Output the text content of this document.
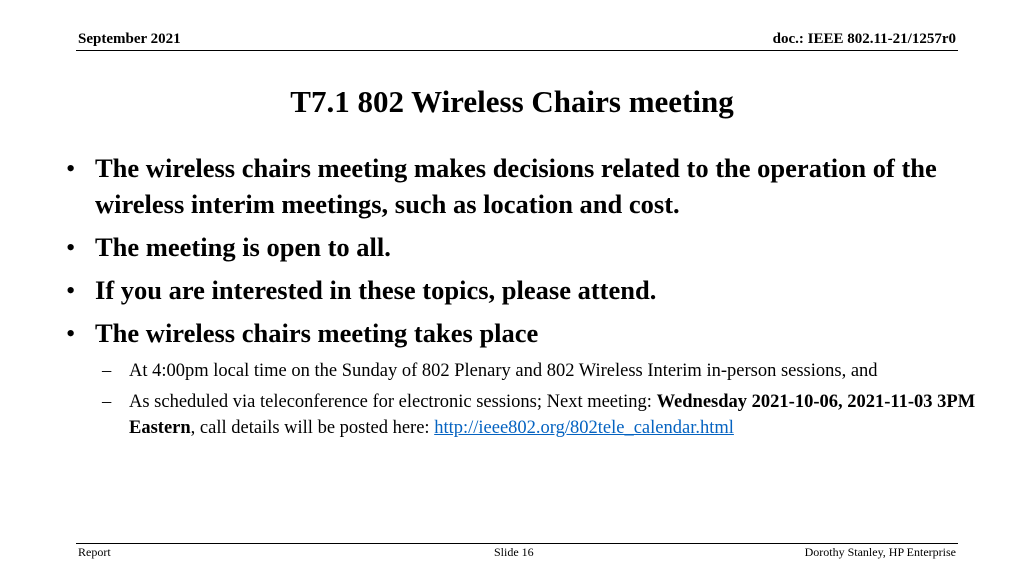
September 2021	doc.: IEEE 802.11-21/1257r0
T7.1 802 Wireless Chairs meeting
• The wireless chairs meeting makes decisions related to the operation of the wireless interim meetings, such as location and cost.
• The meeting is open to all.
• If you are interested in these topics, please attend.
• The wireless chairs meeting takes place
– At 4:00pm local time on the Sunday of 802 Plenary and 802 Wireless Interim in-person sessions, and
– As scheduled via teleconference for electronic sessions; Next meeting: Wednesday 2021-10-06, 2021-11-03 3PM Eastern, call details will be posted here: http://ieee802.org/802tele_calendar.html
Report	Slide 16	Dorothy Stanley, HP Enterprise
